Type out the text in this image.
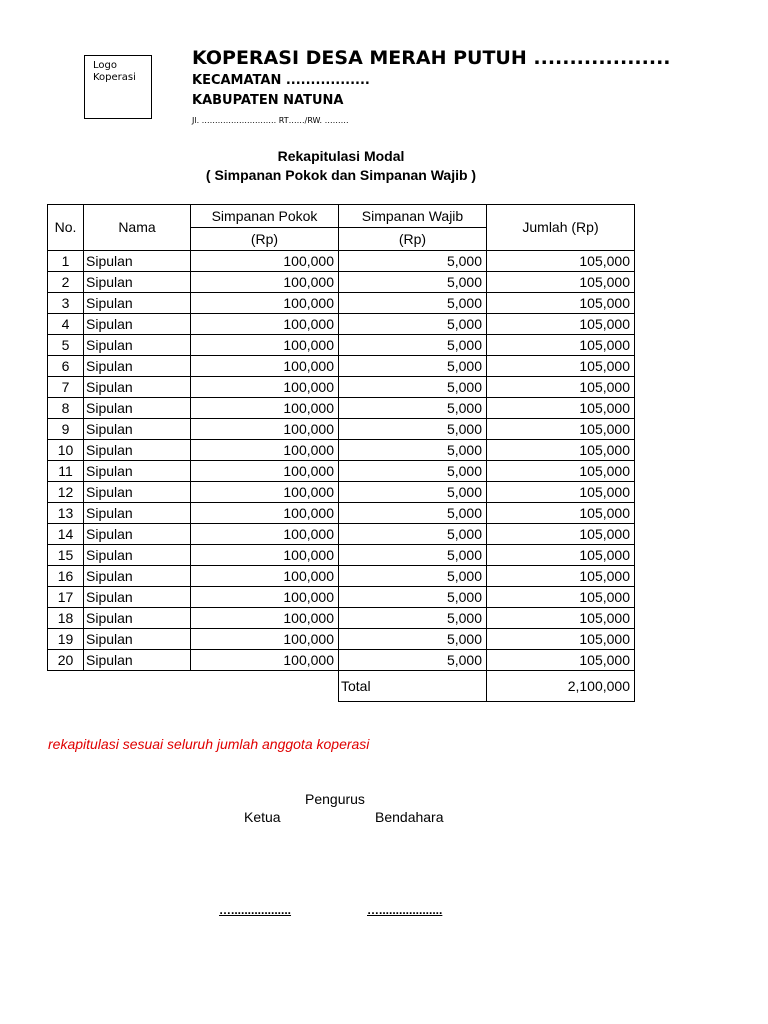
Logo
Koperasi
KOPERASI DESA MERAH PUTUH ...................
KECAMATAN .................
KABUPATEN NATUNA
Jl. ………………………. RT……/RW. ………
Rekapitulasi Modal
( Simpanan Pokok dan Simpanan Wajib )
No.	Nama	Simpanan Pokok	Simpanan Wajib	Jumlah (Rp)
		(Rp)	(Rp)	
1	Sipulan	100,000	5,000	105,000
2	Sipulan	100,000	5,000	105,000
3	Sipulan	100,000	5,000	105,000
4	Sipulan	100,000	5,000	105,000
5	Sipulan	100,000	5,000	105,000
6	Sipulan	100,000	5,000	105,000
7	Sipulan	100,000	5,000	105,000
8	Sipulan	100,000	5,000	105,000
9	Sipulan	100,000	5,000	105,000
10	Sipulan	100,000	5,000	105,000
11	Sipulan	100,000	5,000	105,000
12	Sipulan	100,000	5,000	105,000
13	Sipulan	100,000	5,000	105,000
14	Sipulan	100,000	5,000	105,000
15	Sipulan	100,000	5,000	105,000
16	Sipulan	100,000	5,000	105,000
17	Sipulan	100,000	5,000	105,000
18	Sipulan	100,000	5,000	105,000
19	Sipulan	100,000	5,000	105,000
20	Sipulan	100,000	5,000	105,000
			Total	2,100,000
rekapitulasi sesuai seluruh jumlah anggota koperasi
Pengurus
Ketua	Bendahara
…..................	…...................
